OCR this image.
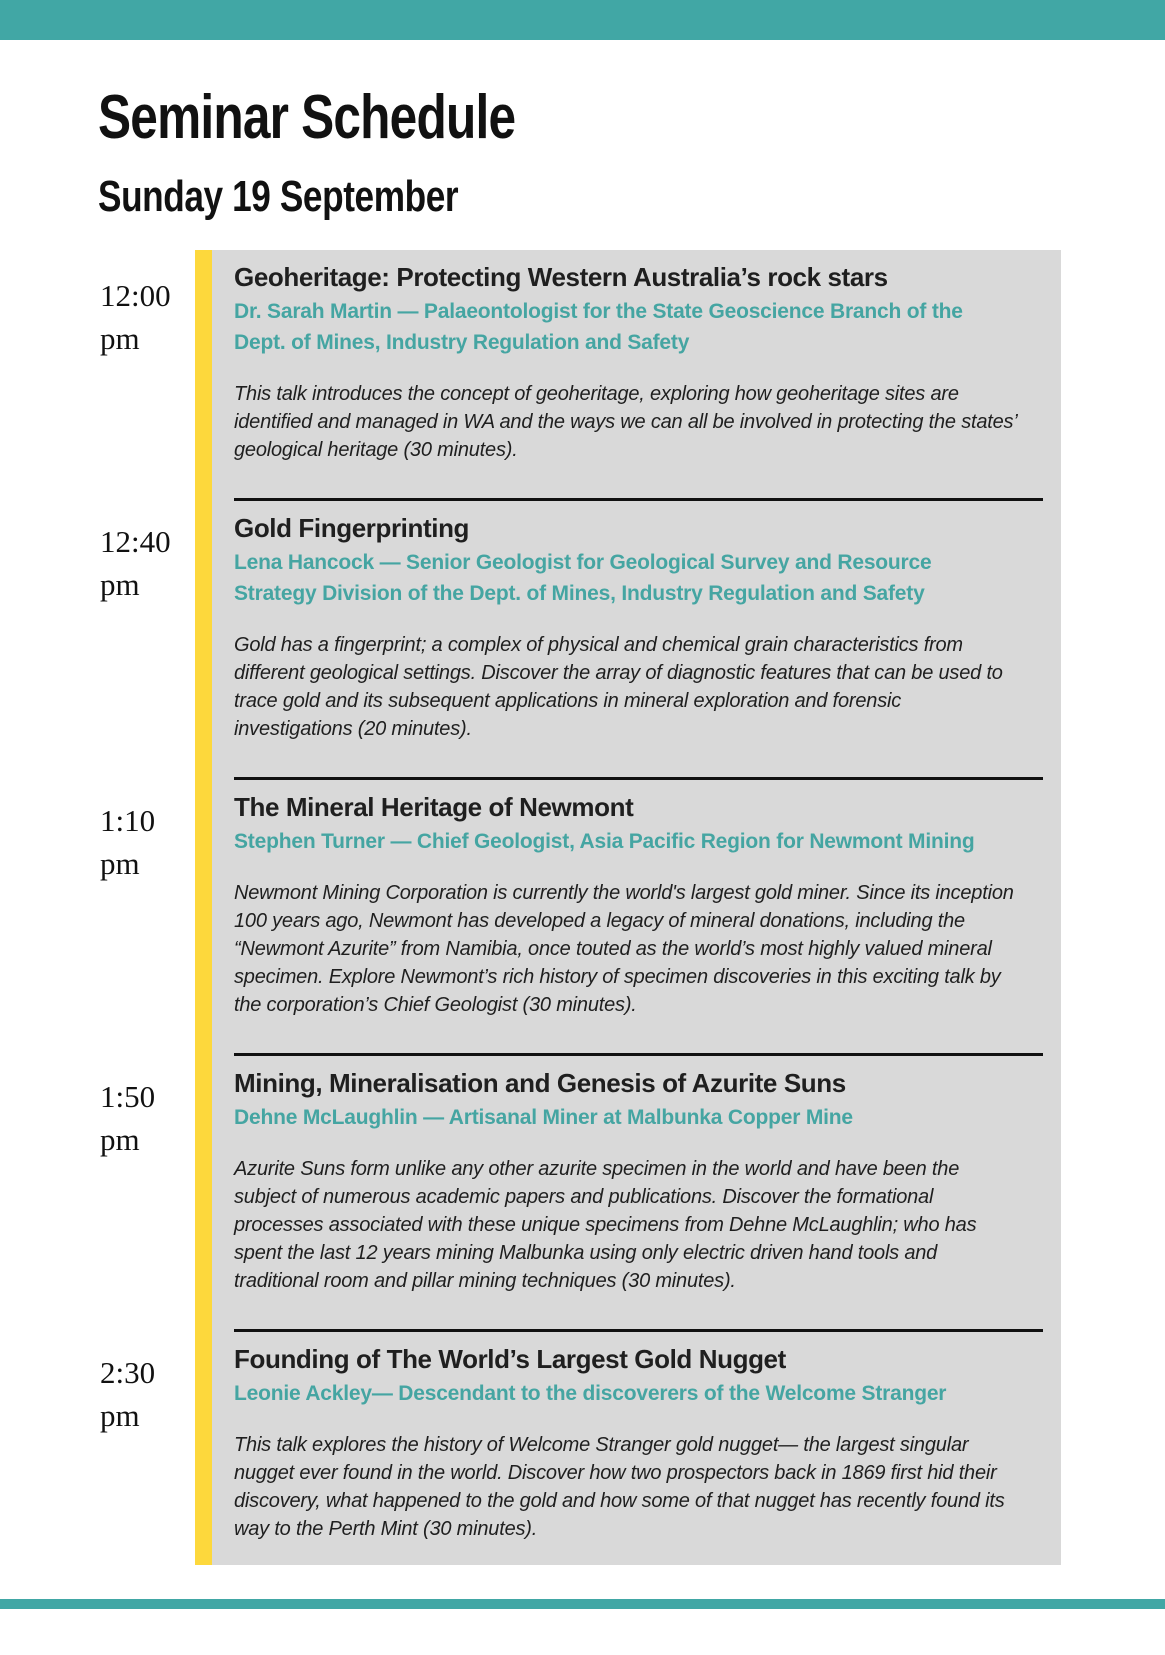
Seminar Schedule
Sunday 19 September
12:00
pm
Geoheritage: Protecting Western Australia’s rock stars

Dr. Sarah Martin — Palaeontologist for the State Geoscience Branch of the Dept. of Mines, Industry Regulation and Safety

This talk introduces the concept of geoheritage, exploring how geoheritage sites are identified and managed in WA and the ways we can all be involved in protecting the states’ geological heritage (30 minutes).

12:40
pm
Gold Fingerprinting

Lena Hancock — Senior Geologist for Geological Survey and Resource Strategy Division of the Dept. of Mines, Industry Regulation and Safety

Gold has a fingerprint; a complex of physical and chemical grain characteristics from different geological settings. Discover the array of diagnostic features that can be used to trace gold and its subsequent applications in mineral exploration and forensic investigations (20 minutes).

1:10
pm
The Mineral Heritage of Newmont

Stephen Turner — Chief Geologist, Asia Pacific Region for Newmont Mining

Newmont Mining Corporation is currently the world's largest gold miner. Since its inception 100 years ago, Newmont has developed a legacy of mineral donations, including the “Newmont Azurite” from Namibia, once touted as the world’s most highly valued mineral specimen. Explore Newmont’s rich history of specimen discoveries in this exciting talk by the corporation’s Chief Geologist (30 minutes).

1:50
pm
Mining, Mineralisation and Genesis of Azurite Suns

Dehne McLaughlin — Artisanal Miner at Malbunka Copper Mine

Azurite Suns form unlike any other azurite specimen in the world and have been the subject of numerous academic papers and publications. Discover the formational processes associated with these unique specimens from Dehne McLaughlin; who has spent the last 12 years mining Malbunka using only electric driven hand tools and traditional room and pillar mining techniques (30 minutes).

2:30
pm
Founding of The World’s Largest Gold Nugget

Leonie Ackley— Descendant to the discoverers of the Welcome Stranger

This talk explores the history of Welcome Stranger gold nugget— the largest singular nugget ever found in the world. Discover how two prospectors back in 1869 first hid their discovery, what happened to the gold and how some of that nugget has recently found its way to the Perth Mint (30 minutes).
